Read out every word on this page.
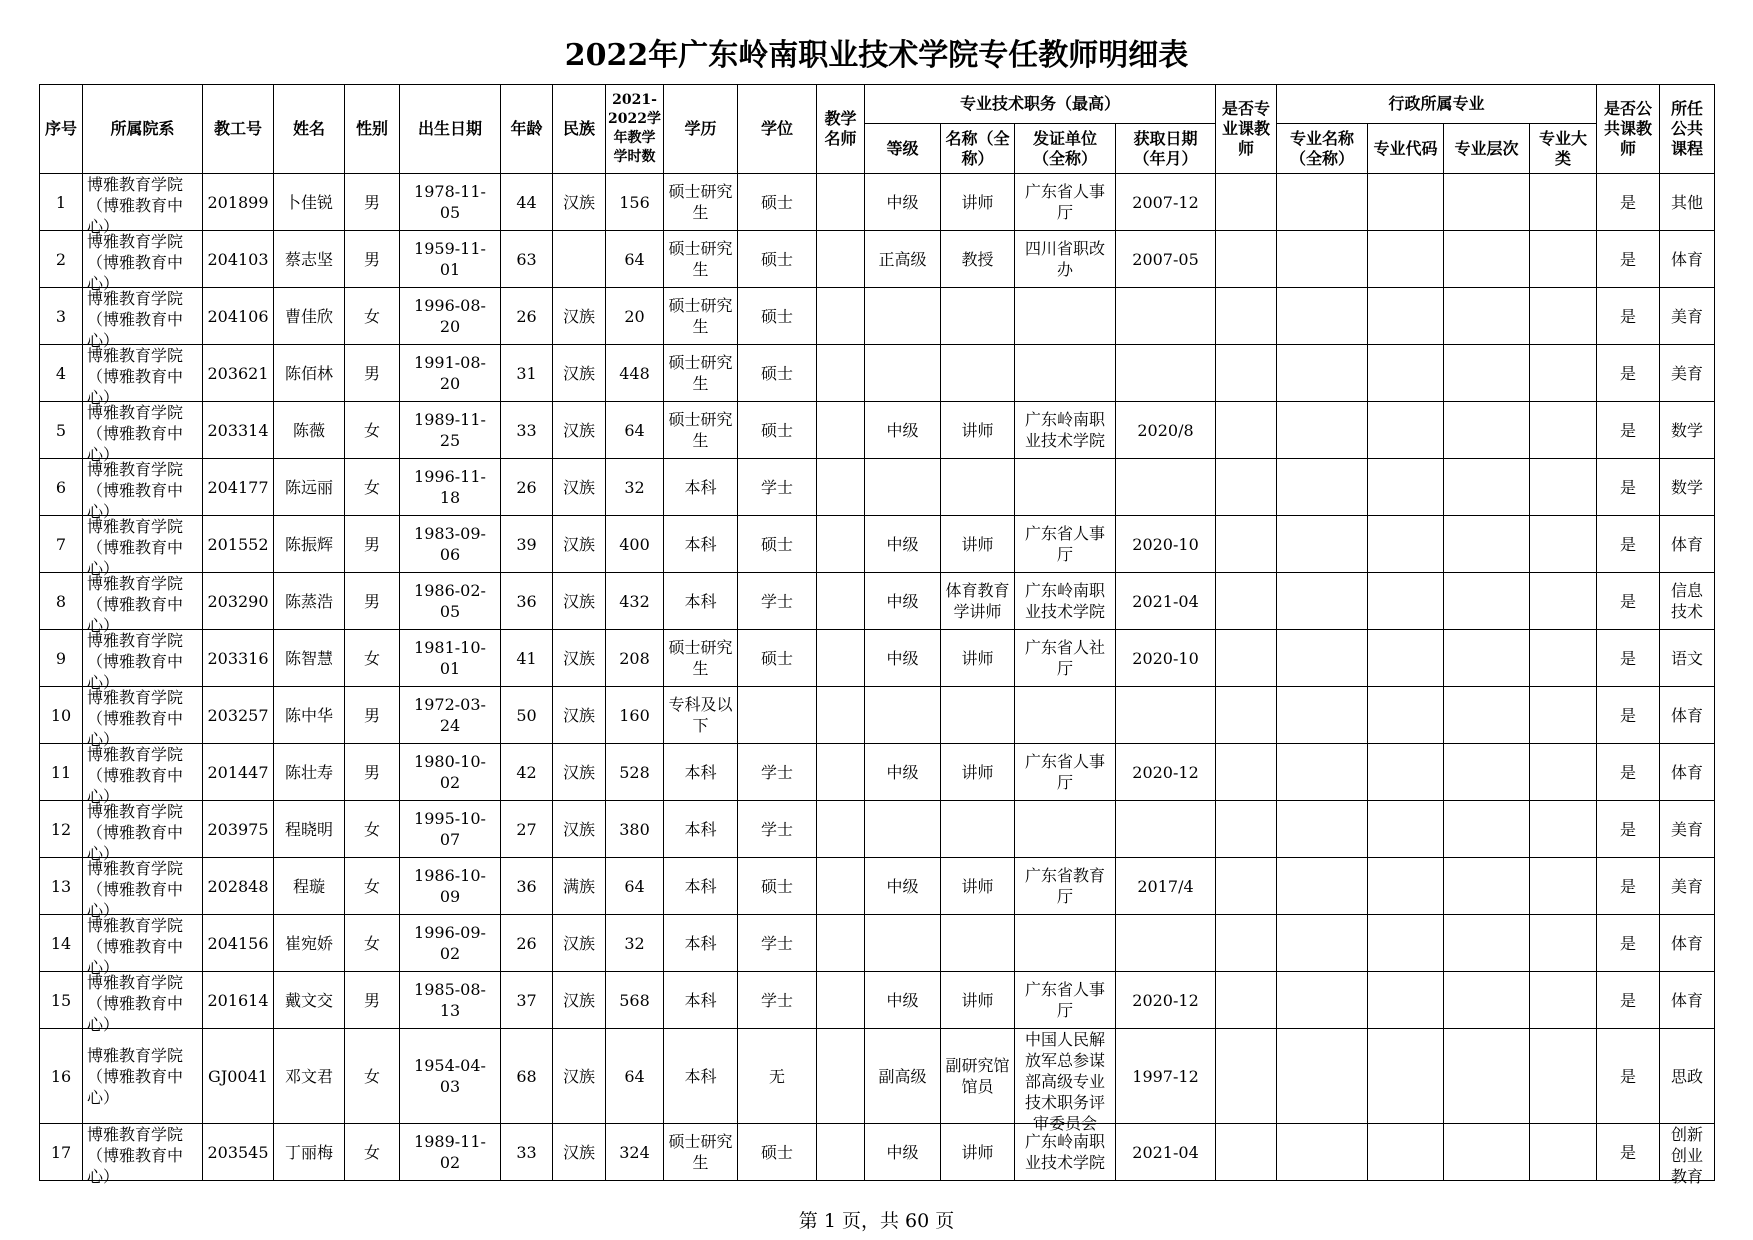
2022年广东岭南职业技术学院专任教师明细表
序号	所属院系	教工号	姓名	性别	出生日期	年龄	民族	2021-2022学年教学学时数	学历	学位	教学名师	专业技术职务（最高）				是否专业课教师	行政所属专业				是否公共课教师	所任公共课程
												等级	名称（全称）	发证单位（全称）	获取日期（年月）		专业名称（全称）	专业代码	专业层次	专业大类		

1	博雅教育学院（博雅教育中心）	201899	卜佳锐	男	1978-11-05	44	汉族	156	硕士研究生	硕士		中级	讲师	广东省人事厅	2007-12						是	其他

2	博雅教育学院（博雅教育中心）	204103	蔡志坚	男	1959-11-01	63		64	硕士研究生	硕士		正高级	教授	四川省职改办	2007-05						是	体育

3	博雅教育学院（博雅教育中心）	204106	曹佳欣	女	1996-08-20	26	汉族	20	硕士研究生	硕士											是	美育

4	博雅教育学院（博雅教育中心）	203621	陈佰林	男	1991-08-20	31	汉族	448	硕士研究生	硕士											是	美育

5	博雅教育学院（博雅教育中心）	203314	陈薇	女	1989-11-25	33	汉族	64	硕士研究生	硕士		中级	讲师	广东岭南职业技术学院	2020/8						是	数学

6	博雅教育学院（博雅教育中心）	204177	陈远丽	女	1996-11-18	26	汉族	32	本科	学士											是	数学

7	博雅教育学院（博雅教育中心）	201552	陈振辉	男	1983-09-06	39	汉族	400	本科	硕士		中级	讲师	广东省人事厅	2020-10						是	体育

8	博雅教育学院（博雅教育中心）	203290	陈蒸浩	男	1986-02-05	36	汉族	432	本科	学士		中级	体育教育学讲师	广东岭南职业技术学院	2021-04						是	信息技术

9	博雅教育学院（博雅教育中心）	203316	陈智慧	女	1981-10-01	41	汉族	208	硕士研究生	硕士		中级	讲师	广东省人社厅	2020-10						是	语文

10	博雅教育学院（博雅教育中心）	203257	陈中华	男	1972-03-24	50	汉族	160	专科及以下												是	体育

11	博雅教育学院（博雅教育中心）	201447	陈壮寿	男	1980-10-02	42	汉族	528	本科	学士		中级	讲师	广东省人事厅	2020-12						是	体育

12	博雅教育学院（博雅教育中心）	203975	程晓明	女	1995-10-07	27	汉族	380	本科	学士											是	美育

13	博雅教育学院（博雅教育中心）	202848	程璇	女	1986-10-09	36	满族	64	本科	硕士		中级	讲师	广东省教育厅	2017/4						是	美育

14	博雅教育学院（博雅教育中心）	204156	崔宛娇	女	1996-09-02	26	汉族	32	本科	学士											是	体育

15	博雅教育学院（博雅教育中心）	201614	戴文交	男	1985-08-13	37	汉族	568	本科	学士		中级	讲师	广东省人事厅	2020-12						是	体育

16	博雅教育学院（博雅教育中心）	GJ0041	邓文君	女	1954-04-03	68	汉族	64	本科	无		副高级	副研究馆馆员	中国人民解放军总参谋部高级专业技术职务评审委员会	1997-12						是	思政

17	博雅教育学院（博雅教育中心）	203545	丁丽梅	女	1989-11-02	33	汉族	324	硕士研究生	硕士		中级	讲师	广东岭南职业技术学院	2021-04						是	创新创业教育
第 1 页，共 60 页
